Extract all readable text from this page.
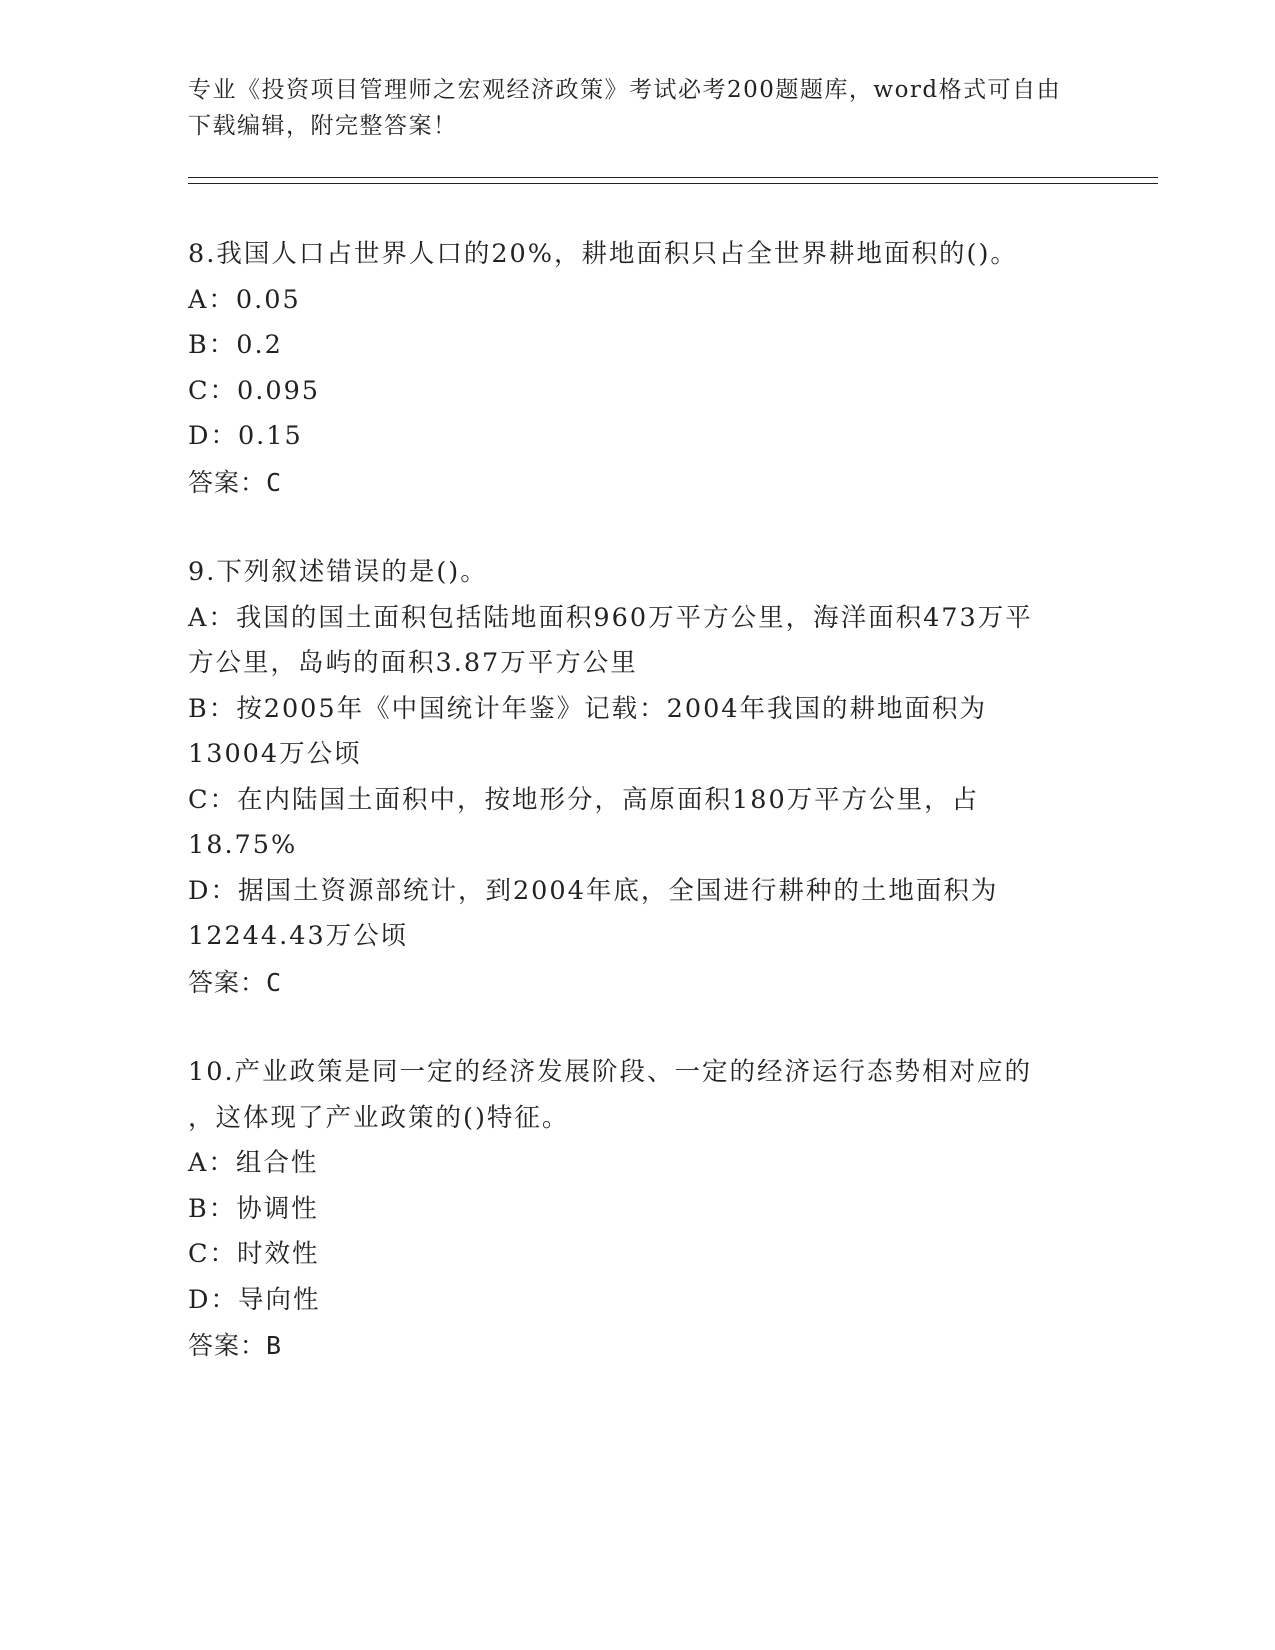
专业《投资项目管理师之宏观经济政策》考试必考200题题库，word格式可自由
下载编辑，附完整答案！
8.我国人口占世界人口的20%，耕地面积只占全世界耕地面积的()。
A：0.05
B：0.2
C：0.095
D：0.15
答案：C
9.下列叙述错误的是()。
A：我国的国土面积包括陆地面积960万平方公里，海洋面积473万平
方公里，岛屿的面积3.87万平方公里
B：按2005年《中国统计年鉴》记载：2004年我国的耕地面积为
13004万公顷
C：在内陆国土面积中，按地形分，高原面积180万平方公里，占
18.75%
D：据国土资源部统计，到2004年底，全国进行耕种的土地面积为
12244.43万公顷
答案：C
10.产业政策是同一定的经济发展阶段、一定的经济运行态势相对应的
，这体现了产业政策的()特征。
A：组合性
B：协调性
C：时效性
D：导向性
答案：B
